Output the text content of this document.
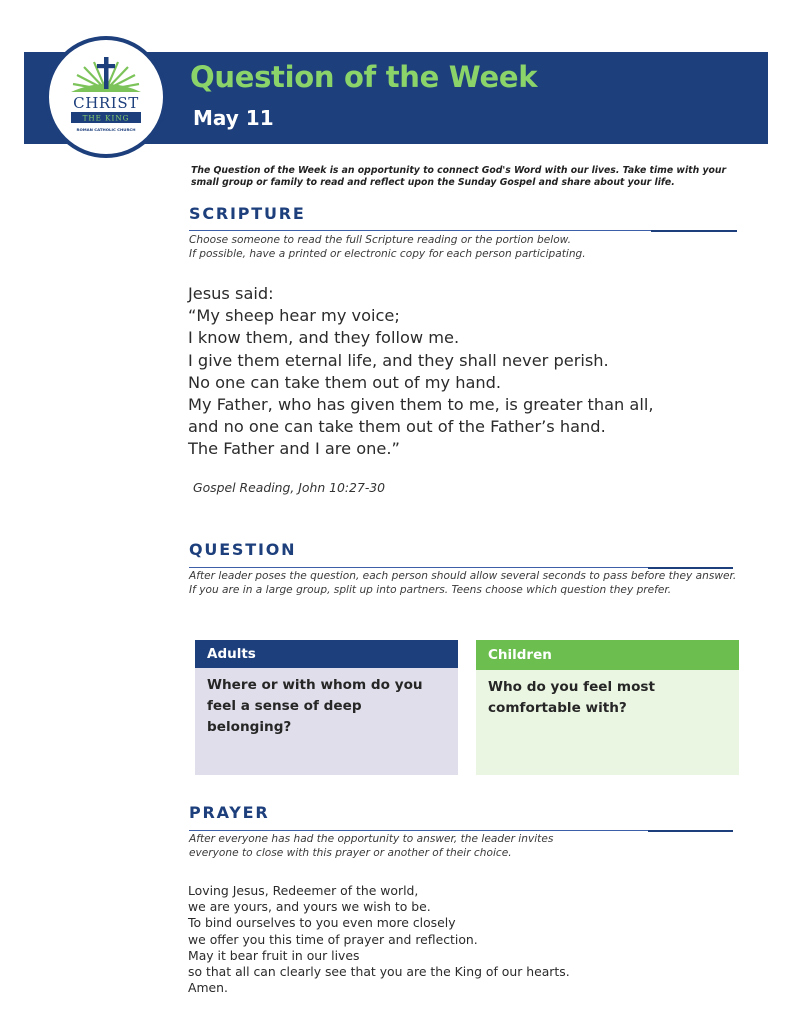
CHRIST
THE KING
ROMAN CATHOLIC CHURCH
Question of the Week
May 11
The Question of the Week is an opportunity to connect God's Word with our lives. Take time with your small group or family to read and reflect upon the Sunday Gospel and share about your life.
SCRIPTURE
Choose someone to read the full Scripture reading or the portion below.
If possible, have a printed or electronic copy for each person participating.
Jesus said:
“My sheep hear my voice;
I know them, and they follow me.
I give them eternal life, and they shall never perish.
No one can take them out of my hand.
My Father, who has given them to me, is greater than all,
and no one can take them out of the Father’s hand.
The Father and I are one.”
Gospel Reading, John 10:27-30
QUESTION
After leader poses the question, each person should allow several seconds to pass before they answer. If you are in a large group, split up into partners. Teens choose which question they prefer.
Adults
Where or with whom do you feel a sense of deep belonging?
Children
Who do you feel most comfortable with?
PRAYER
After everyone has had the opportunity to answer, the leader invites
everyone to close with this prayer or another of their choice.
Loving Jesus, Redeemer of the world,
we are yours, and yours we wish to be.
To bind ourselves to you even more closely
we offer you this time of prayer and reflection.
May it bear fruit in our lives
so that all can clearly see that you are the King of our hearts.
Amen.
